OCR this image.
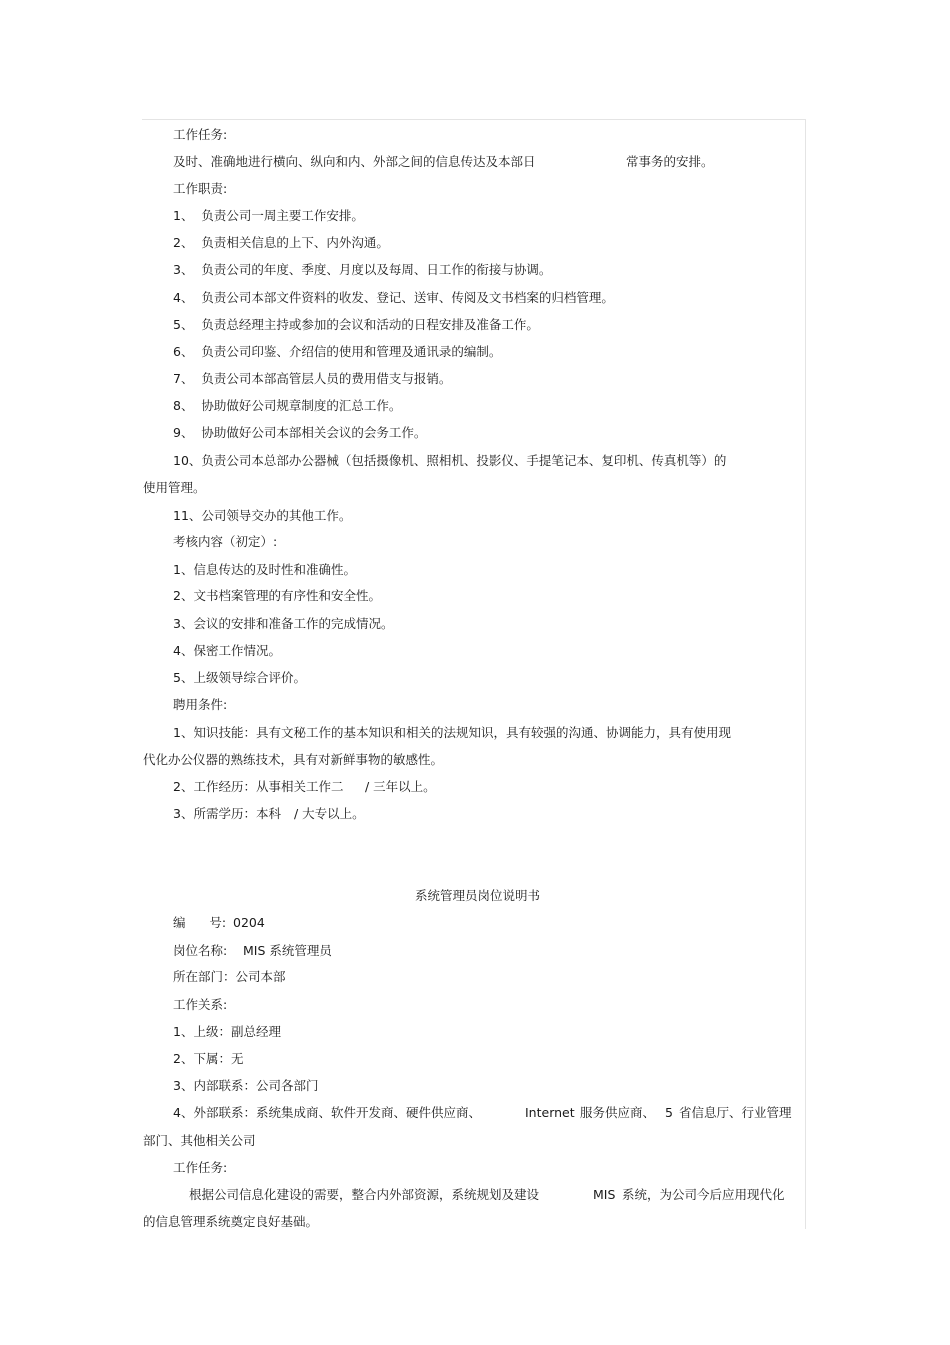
工作任务:
及时、准确地进行横向、纵向和内、外部之间的信息传达及本部日	常事务的安排。
工作职责:
1、  负责公司一周主要工作安排。
2、  负责相关信息的上下、内外沟通。
3、  负责公司的年度、季度、月度以及每周、日工作的衔接与协调。
4、  负责公司本部文件资料的收发、登记、送审、传阅及文书档案的归档管理。
5、  负责总经理主持或参加的会议和活动的日程安排及准备工作。
6、  负责公司印鉴、介绍信的使用和管理及通讯录的编制。
7、  负责公司本部高管层人员的费用借支与报销。
8、  协助做好公司规章制度的汇总工作。
9、  协助做好公司本部相关会议的会务工作。
10、负责公司本总部办公器械（包括摄像机、照相机、投影仪、手提笔记本、复印机、传真机等）的
使用管理。
11、公司领导交办的其他工作。
考核内容（初定）:
1、信息传达的及时性和准确性。
2、文书档案管理的有序性和安全性。
3、会议的安排和准备工作的完成情况。
4、保密工作情况。
5、上级领导综合评价。
聘用条件:
1、知识技能：具有文秘工作的基本知识和相关的法规知识，具有较强的沟通、协调能力，具有使用现
代化办公仪器的熟练技术，具有对新鲜事物的敏感性。
2、工作经历：从事相关工作二 / 三年以上。
3、所需学历：本科 / 大专以上。
系统管理员岗位说明书
编      号: 0204
岗位名称: MIS 系统管理员
所在部门：公司本部
工作关系:
1、上级：副总经理
2、下属：无
3、内部联系：公司各部门
4、外部联系：系统集成商、软件开发商、硬件供应商、	Internet 服务供应商、 5 省信息厅、行业管理
部门、其他相关公司
工作任务:
根据公司信息化建设的需要，整合内外部资源，系统规划及建设	MIS 系统，为公司今后应用现代化
的信息管理系统奠定良好基础。
